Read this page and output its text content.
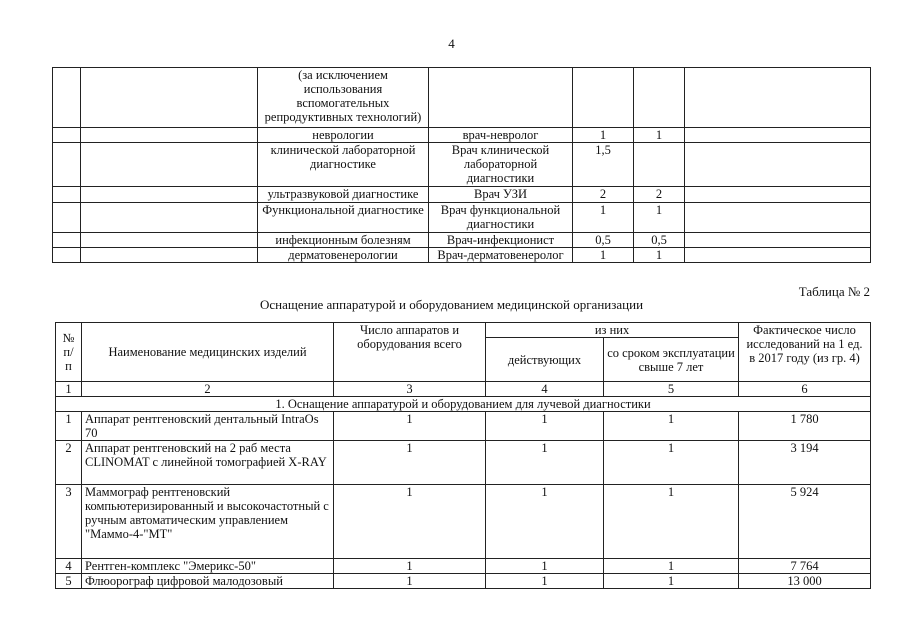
4
		(за исключением использования вспомогательных репродуктивных технологий)				
		неврологии	врач-невролог	1	1	
		клинической лабораторной диагностике	Врач клинической лабораторной диагностики	1,5		
		ультразвуковой диагностике	Врач УЗИ	2	2	
		Функциональной диагностике	Врач функциональной диагностики	1	1	
		инфекционным болезням	Врач-инфекционист	0,5	0,5	
		дерматовенерологии	Врач-дерматовенеролог	1	1	
Таблица № 2
Оснащение аппаратурой и оборудованием медицинской организации
№ п/ п	Наименование медицинских изделий	Число аппаратов и оборудования всего	из них		Фактическое число исследований на 1 ед. в 2017 году (из гр. 4)
			действующих	со сроком эксплуатации свыше 7 лет	
1	2	3	4	5	6
1. Оснащение аппаратурой и оборудованием для лучевой диагностики					
1	Аппарат рентгеновский дентальный IntraOs 70	1	1	1	1 780
2	Аппарат рентгеновский на 2 раб места CLINOMAT с линейной томографией X-RAY	1	1	1	3 194
3	Маммограф рентгеновский компьютеризированный и высокочастотный с ручным автоматическим управлением "Маммо-4-"МТ"	1	1	1	5 924
4	Рентген-комплекс "Эмерикс-50"	1	1	1	7 764
5	Флюорограф цифровой малодозовый	1	1	1	13 000
